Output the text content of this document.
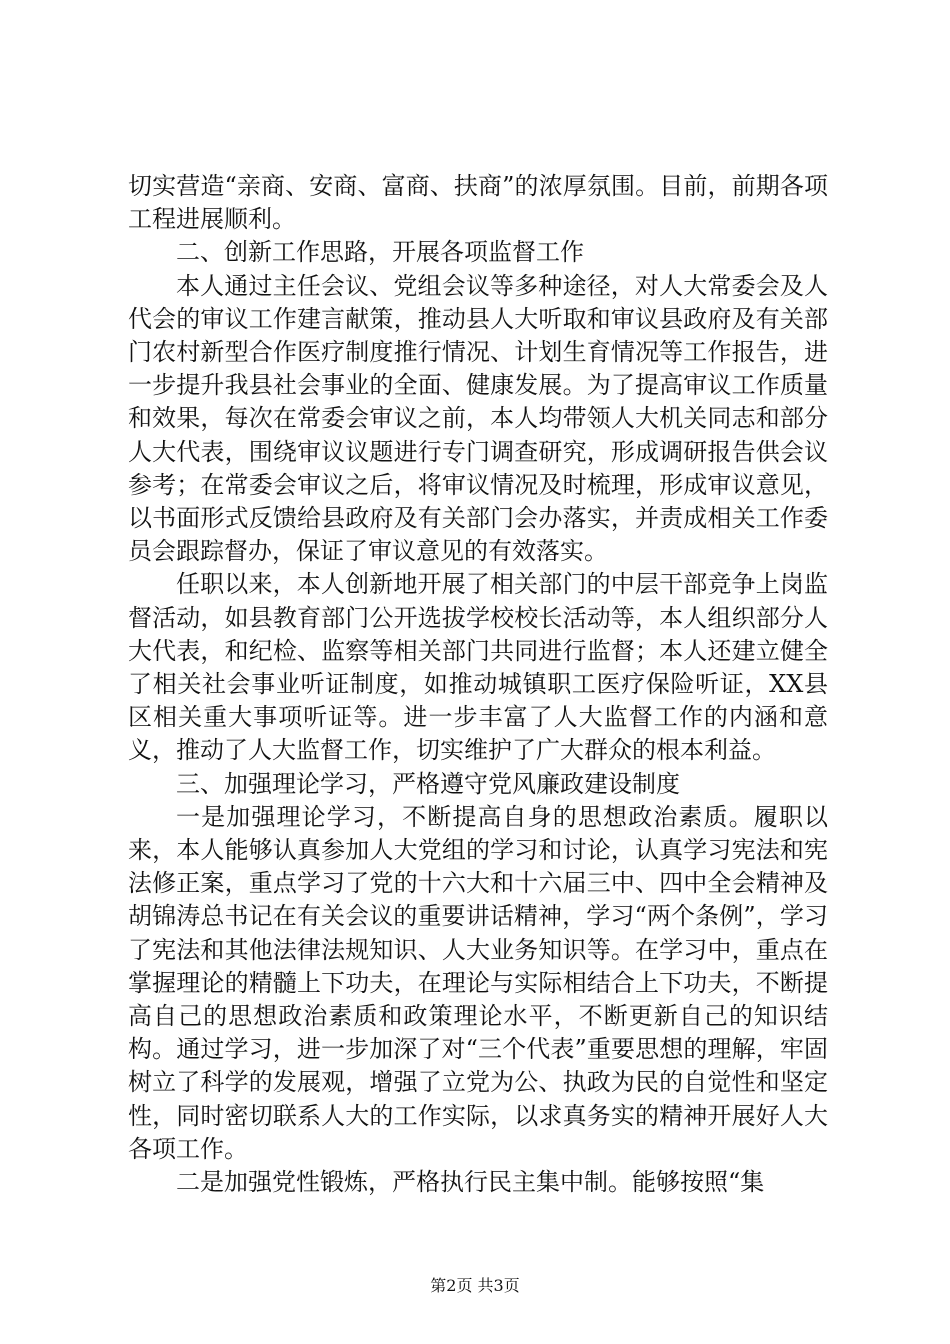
切实营造“亲商、安商、富商、扶商”的浓厚氛围。目前，前期各项工程进展顺利。

二、创新工作思路，开展各项监督工作

本人通过主任会议、党组会议等多种途径，对人大常委会及人代会的审议工作建言献策，推动县人大听取和审议县政府及有关部门农村新型合作医疗制度推行情况、计划生育情况等工作报告，进一步提升我县社会事业的全面、健康发展。为了提高审议工作质量和效果，每次在常委会审议之前，本人均带领人大机关同志和部分人大代表，围绕审议议题进行专门调查研究，形成调研报告供会议参考；在常委会审议之后，将审议情况及时梳理，形成审议意见，以书面形式反馈给县政府及有关部门会办落实，并责成相关工作委员会跟踪督办，保证了审议意见的有效落实。

任职以来，本人创新地开展了相关部门的中层干部竞争上岗监督活动，如县教育部门公开选拔学校校长活动等，本人组织部分人大代表，和纪检、监察等相关部门共同进行监督；本人还建立健全了相关社会事业听证制度，如推动城镇职工医疗保险听证，XX县区相关重大事项听证等。进一步丰富了人大监督工作的内涵和意义，推动了人大监督工作，切实维护了广大群众的根本利益。

三、加强理论学习，严格遵守党风廉政建设制度

一是加强理论学习，不断提高自身的思想政治素质。履职以来，本人能够认真参加人大党组的学习和讨论，认真学习宪法和宪法修正案，重点学习了党的十六大和十六届三中、四中全会精神及胡锦涛总书记在有关会议的重要讲话精神，学习“两个条例”，学习了宪法和其他法律法规知识、人大业务知识等。在学习中，重点在掌握理论的精髓上下功夫，在理论与实际相结合上下功夫，不断提高自己的思想政治素质和政策理论水平，不断更新自己的知识结构。通过学习，进一步加深了对“三个代表”重要思想的理解，牢固树立了科学的发展观，增强了立党为公、执政为民的自觉性和坚定性，同时密切联系人大的工作实际，以求真务实的精神开展好人大各项工作。

二是加强党性锻炼，严格执行民主集中制。能够按照“集

第2页 共3页
